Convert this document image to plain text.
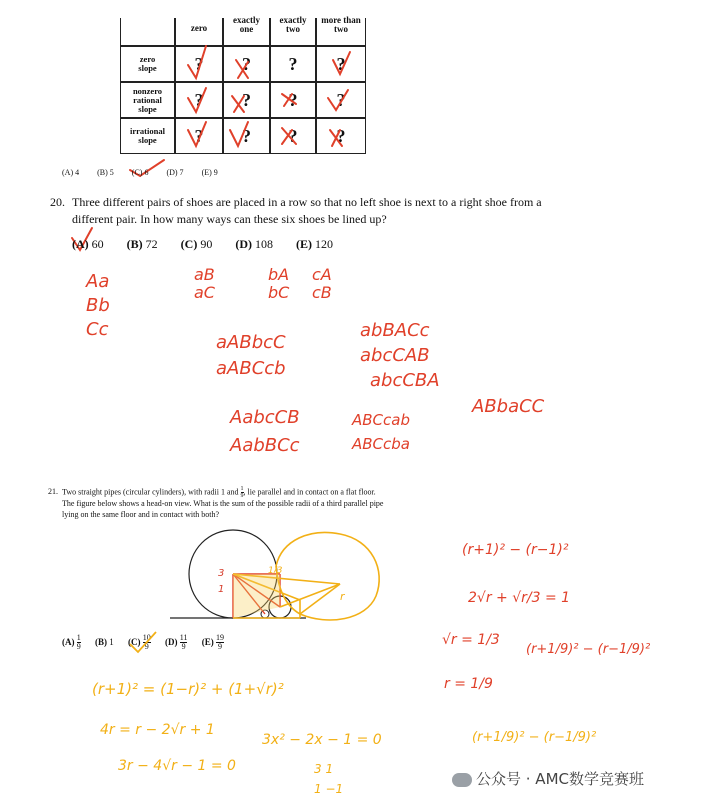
zero
exactly one
exactly two
more than two
zero slope
nonzero rational slope
irrational slope
? ? ? ?
? ? ? ?
? ? ? ?
(A) 4 (B) 5 (C) 6 (D) 7 (E) 9
20. Three different pairs of shoes are placed in a row so that no left shoe is next to a right shoe from a
different pair. In how many ways can these six shoes be lined up?
(A) 60 (B) 72 (C) 90 (D) 108 (E) 120
Aa
Bb
Cc
aB
aC
bA
bC
cA
cB
aABbcC
aABCcb
abBACc
abcCAB
abcCBA
AabcCB
AabBCc
ABCcab
ABCcba
ABbaCC
21. Two straight pipes (circular cylinders), with radii 1 and $\frac{1}{9}$ , lie parallel and in contact on a flat floor.
The figure below shows a head-on view. What is the sum of the possible radii of a third parallel pipe
lying on the same floor and in contact with both?
3
1
1/3
r
$(A) \frac{1}{9} (B)$ 1 $(C) \frac{10}{9} (D) \frac{11}{9} (E) \frac{19}{9}$
(r+1)² − (r−1)²
2√r + √r/3 = 1
√r = 1/3
(r+1/9)² − (r−1/9)²
r = 1/9
(r+1)² = (1−r)² + (1+√r)²
4r = r − 2√r + 1
3r − 4√r − 1 = 0
3x² − 2x − 1 = 0
3 1
1 −1
(r+1/9)² − (r−1/9)²
公众号 · AMC数学竞赛班
